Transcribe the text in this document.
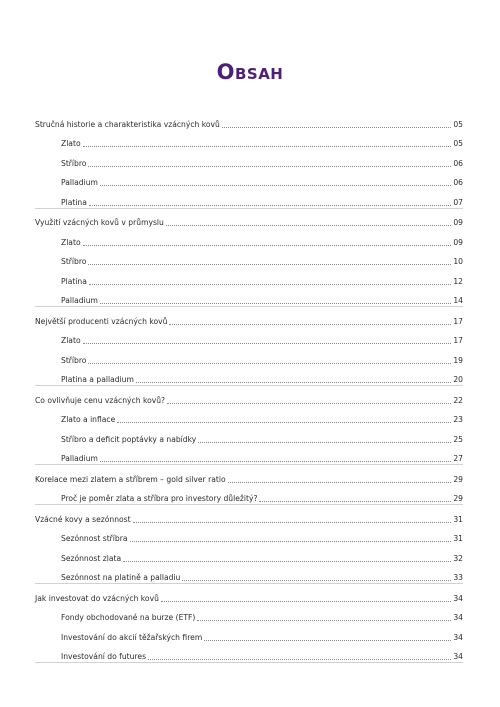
Obsah
Stručná historie a charakteristika vzácných kovů	05
Zlato	05
Stříbro	06
Palladium	06
Platina	07
Využití vzácných kovů v průmyslu	09
Zlato	09
Stříbro	10
Platina	12
Palladium	14
Největší producenti vzácných kovů	17
Zlato	17
Stříbro	19
Platina a palladium	20
Co ovlivňuje cenu vzácných kovů?	22
Zlato a inflace	23
Stříbro a deficit poptávky a nabídky	25
Palladium	27
Korelace mezi zlatem a stříbrem – gold silver ratio	29
Proč je poměr zlata a stříbra pro investory důležitý?	29
Vzácné kovy a sezónnost	31
Sezónnost stříbra	31
Sezónnost zlata	32
Sezónnost na platině a palladiu	33
Jak investovat do vzácných kovů	34
Fondy obchodované na burze (ETF)	34
Investování do akcií těžařských firem	34
Investování do futures	34
